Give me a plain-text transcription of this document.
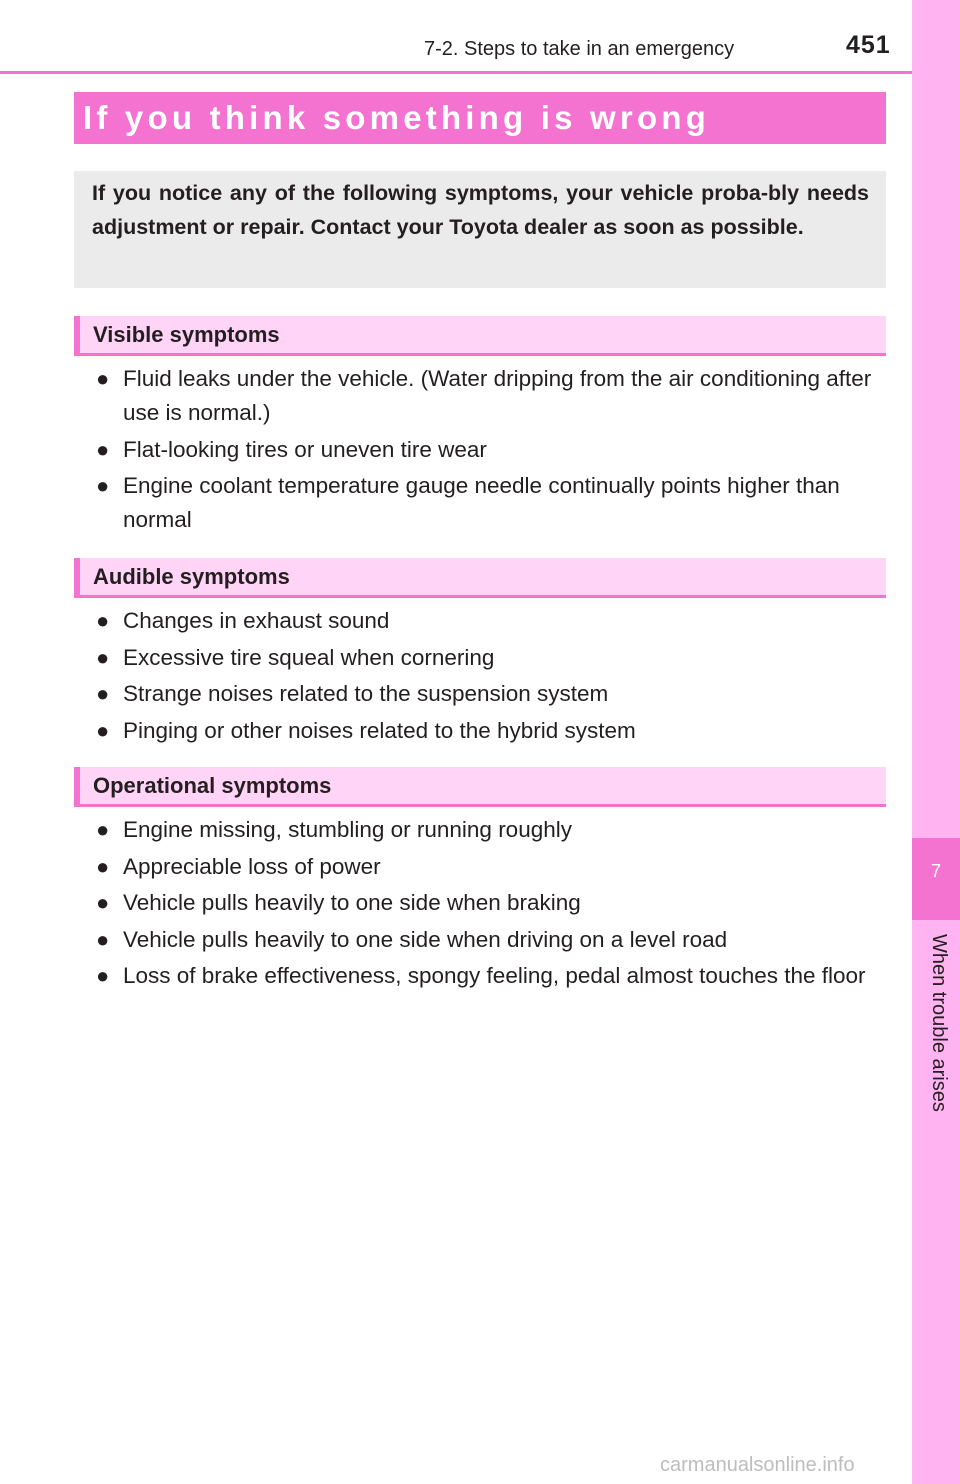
7-2. Steps to take in an emergency	451
7
When trouble arises
If you think something is wrong
If you notice any of the following symptoms, your vehicle proba-bly needs adjustment or repair. Contact your Toyota dealer as soon as possible.
Visible symptoms
● Fluid leaks under the vehicle. (Water dripping from the air conditioning after use is normal.)
● Flat-looking tires or uneven tire wear
● Engine coolant temperature gauge needle continually points higher than normal
Audible symptoms
● Changes in exhaust sound
● Excessive tire squeal when cornering
● Strange noises related to the suspension system
● Pinging or other noises related to the hybrid system
Operational symptoms
● Engine missing, stumbling or running roughly
● Appreciable loss of power
● Vehicle pulls heavily to one side when braking
● Vehicle pulls heavily to one side when driving on a level road
● Loss of brake effectiveness, spongy feeling, pedal almost touches the floor
carmanualsonline.info
